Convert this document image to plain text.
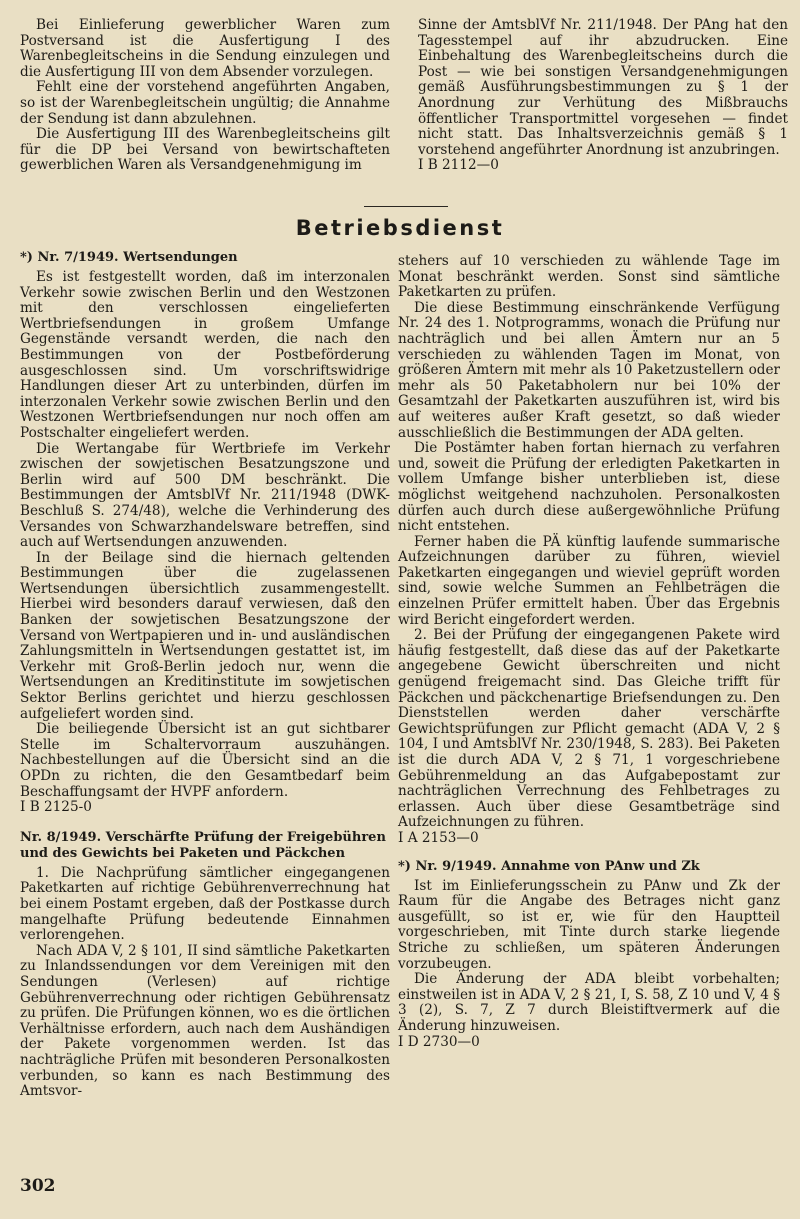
Bei Einlieferung gewerblicher Waren zum Postversand ist die Ausfertigung I des Warenbegleitscheins in die Sendung einzulegen und die Ausfertigung III von dem Absender vorzulegen.

Fehlt eine der vorstehend angeführten Angaben, so ist der Warenbegleitschein ungültig; die Annahme der Sendung ist dann abzulehnen.

Die Ausfertigung III des Warenbegleitscheins gilt für die DP bei Versand von bewirtschafteten gewerblichen Waren als Versandgenehmigung im

Sinne der AmtsblVf Nr. 211/1948. Der PAng hat den Tagesstempel auf ihr abzudrucken. Eine Einbehaltung des Warenbegleitscheins durch die Post — wie bei sonstigen Versandgenehmigungen gemäß Ausführungsbestimmungen zu § 1 der Anordnung zur Verhütung des Mißbrauchs öffentlicher Transportmittel vorgesehen — findet nicht statt. Das Inhaltsverzeichnis gemäß § 1 vorstehend angeführter Anordnung ist anzubringen.

I B 2112—0

Betriebsdienst
*) Nr. 7/1949. Wertsendungen

Es ist festgestellt worden, daß im interzonalen Verkehr sowie zwischen Berlin und den Westzonen mit den verschlossen eingelieferten Wertbriefsendungen in großem Umfange Gegenstände versandt werden, die nach den Bestimmungen von der Postbeförderung ausgeschlossen sind. Um vorschriftswidrige Handlungen dieser Art zu unterbinden, dürfen im interzonalen Verkehr sowie zwischen Berlin und den Westzonen Wertbriefsendungen nur noch offen am Postschalter eingeliefert werden.

Die Wertangabe für Wertbriefe im Verkehr zwischen der sowjetischen Besatzungszone und Berlin wird auf 500 DM beschränkt. Die Bestimmungen der AmtsblVf Nr. 211/1948 (DWK-Beschluß S. 274/48), welche die Verhinderung des Versandes von Schwarzhandelsware betreffen, sind auch auf Wertsendungen anzuwenden.

In der Beilage sind die hiernach geltenden Bestimmungen über die zugelassenen Wertsendungen übersichtlich zusammengestellt. Hierbei wird besonders darauf verwiesen, daß den Banken der sowjetischen Besatzungszone der Versand von Wertpapieren und in- und ausländischen Zahlungsmitteln in Wertsendungen gestattet ist, im Verkehr mit Groß-Berlin jedoch nur, wenn die Wertsendungen an Kreditinstitute im sowjetischen Sektor Berlins gerichtet und hierzu geschlossen aufgeliefert worden sind.

Die beiliegende Übersicht ist an gut sichtbarer Stelle im Schaltervorraum auszuhängen. Nachbestellungen auf die Übersicht sind an die OPDn zu richten, die den Gesamtbedarf beim Beschaffungsamt der HVPF anfordern.

I B 2125-0

Nr. 8/1949. Verschärfte Prüfung der Freigebühren und des Gewichts bei Paketen und Päckchen

1. Die Nachprüfung sämtlicher eingegangenen Paketkarten auf richtige Gebührenverrechnung hat bei einem Postamt ergeben, daß der Postkasse durch mangelhafte Prüfung bedeutende Einnahmen verlorengehen.

Nach ADA V, 2 § 101, II sind sämtliche Paketkarten zu Inlandssendungen vor dem Vereinigen mit den Sendungen (Verlesen) auf richtige Gebührenverrechnung oder richtigen Gebührensatz zu prüfen. Die Prüfungen können, wo es die örtlichen Verhältnisse erfordern, auch nach dem Aushändigen der Pakete vorgenommen werden. Ist das nachträgliche Prüfen mit besonderen Personalkosten verbunden, so kann es nach Bestimmung des Amtsvor-

stehers auf 10 verschieden zu wählende Tage im Monat beschränkt werden. Sonst sind sämtliche Paketkarten zu prüfen.

Die diese Bestimmung einschränkende Verfügung Nr. 24 des 1. Notprogramms, wonach die Prüfung nur nachträglich und bei allen Ämtern nur an 5 verschieden zu wählenden Tagen im Monat, von größeren Ämtern mit mehr als 10 Paketzustellern oder mehr als 50 Paketabholern nur bei 10% der Gesamtzahl der Paketkarten auszuführen ist, wird bis auf weiteres außer Kraft gesetzt, so daß wieder ausschließlich die Bestimmungen der ADA gelten.

Die Postämter haben fortan hiernach zu verfahren und, soweit die Prüfung der erledigten Paketkarten in vollem Umfange bisher unterblieben ist, diese möglichst weitgehend nachzuholen. Personalkosten dürfen auch durch diese außergewöhnliche Prüfung nicht entstehen.

Ferner haben die PÄ künftig laufende summarische Aufzeichnungen darüber zu führen, wieviel Paketkarten eingegangen und wieviel geprüft worden sind, sowie welche Summen an Fehlbeträgen die einzelnen Prüfer ermittelt haben. Über das Ergebnis wird Bericht eingefordert werden.

2. Bei der Prüfung der eingegangenen Pakete wird häufig festgestellt, daß diese das auf der Paketkarte angegebene Gewicht überschreiten und nicht genügend freigemacht sind. Das Gleiche trifft für Päckchen und päckchenartige Briefsendungen zu. Den Dienststellen werden daher verschärfte Gewichtsprüfungen zur Pflicht gemacht (ADA V, 2 § 104, I und AmtsblVf Nr. 230/1948, S. 283). Bei Paketen ist die durch ADA V, 2 § 71, 1 vorgeschriebene Gebührenmeldung an das Aufgabepostamt zur nachträglichen Verrechnung des Fehlbetrages zu erlassen. Auch über diese Gesamtbeträge sind Aufzeichnungen zu führen.

I A 2153—0

*) Nr. 9/1949. Annahme von PAnw und Zk

Ist im Einlieferungsschein zu PAnw und Zk der Raum für die Angabe des Betrages nicht ganz ausgefüllt, so ist er, wie für den Hauptteil vorgeschrieben, mit Tinte durch starke liegende Striche zu schließen, um späteren Änderungen vorzubeugen.

Die Änderung der ADA bleibt vorbehalten; einstweilen ist in ADA V, 2 § 21, I, S. 58, Z 10 und V, 4 § 3 (2), S. 7, Z 7 durch Bleistiftvermerk auf die Änderung hinzuweisen.

I D 2730—0

302
